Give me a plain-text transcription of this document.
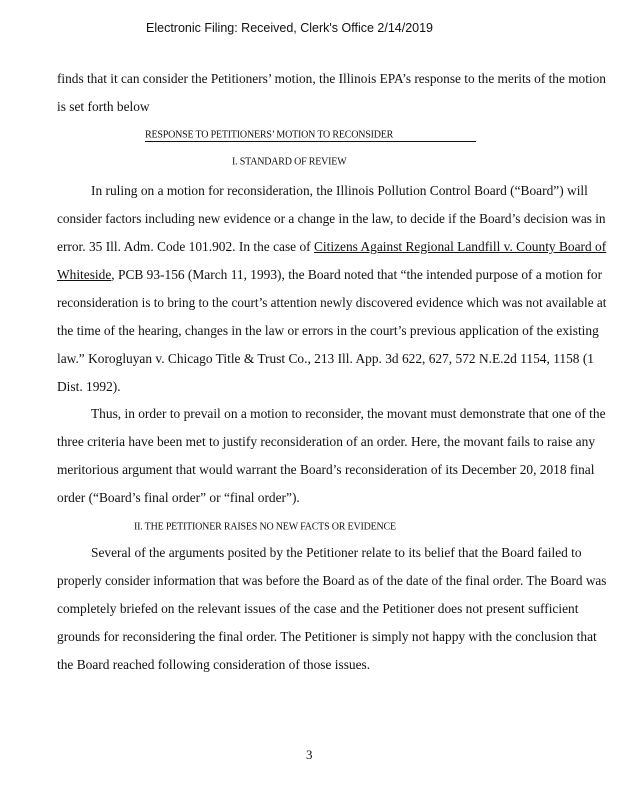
Electronic Filing: Received, Clerk's Office 2/14/2019
finds that it can consider the Petitioners’ motion, the Illinois EPA’s response to the merits of the motion
is set forth below
RESPONSE TO PETITIONERS’ MOTION TO RECONSIDER
I. STANDARD OF REVIEW
In ruling on a motion for reconsideration, the Illinois Pollution Control Board (“Board”) will
consider factors including new evidence or a change in the law, to decide if the Board’s decision was in
error. 35 Ill. Adm. Code 101.902. In the case of Citizens Against Regional Landfill v. County Board of
Whiteside, PCB 93-156 (March 11, 1993), the Board noted that “the intended purpose of a motion for
reconsideration is to bring to the court’s attention newly discovered evidence which was not available at
the time of the hearing, changes in the law or errors in the court’s previous application of the existing
law.” Korogluyan v. Chicago Title & Trust Co., 213 Ill. App. 3d 622, 627, 572 N.E.2d 1154, 1158 (1
Dist. 1992).
Thus, in order to prevail on a motion to reconsider, the movant must demonstrate that one of the
three criteria have been met to justify reconsideration of an order. Here, the movant fails to raise any
meritorious argument that would warrant the Board’s reconsideration of its December 20, 2018 final
order (“Board’s final order” or “final order”).
II. THE PETITIONER RAISES NO NEW FACTS OR EVIDENCE
Several of the arguments posited by the Petitioner relate to its belief that the Board failed to
properly consider information that was before the Board as of the date of the final order. The Board was
completely briefed on the relevant issues of the case and the Petitioner does not present sufficient
grounds for reconsidering the final order. The Petitioner is simply not happy with the conclusion that
the Board reached following consideration of those issues.
3
